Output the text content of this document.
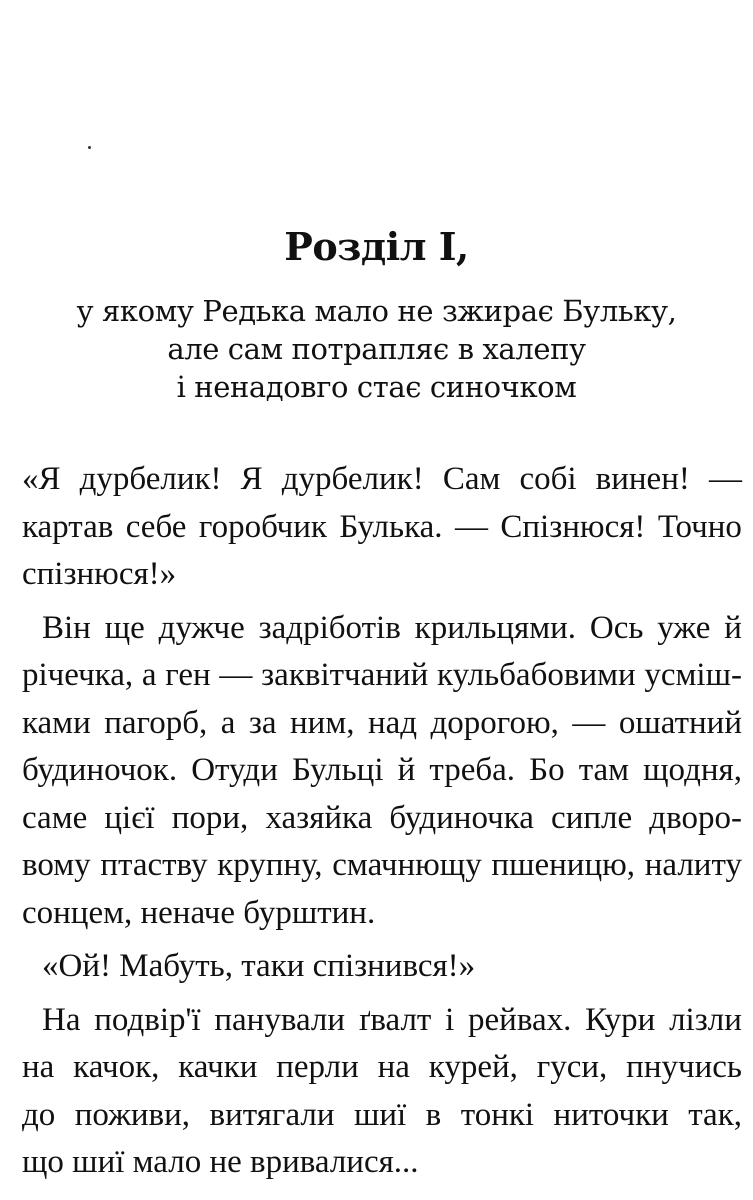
Розділ І,
у якому Редька мало не зжирає Бульку,
але сам потрапляє в халепу
і ненадовго стає синочком
«Я дурбелик! Я дурбелик! Сам собі винен! —
картав себе горобчик Булька. — Спізнюся! Точно
спізнюся!»
Він ще дужче задріботів крильцями. Ось уже й
річечка, а ген — заквітчаний кульбабовими усміш-
ками пагорб, а за ним, над дорогою, — ошатний
будиночок. Отуди Бульці й треба. Бо там щодня,
саме цієї пори, хазяйка будиночка сипле дворо-
вому птаству крупну, смачнющу пшеницю, налиту
сонцем, неначе бурштин.
«Ой! Мабуть, таки спізнився!»
На подвір'ї панували ґвалт і рейвах. Кури лізли
на качок, качки перли на курей, гуси, пнучись
до поживи, витягали шиї в тонкі ниточки так,
що шиї мало не вривалися...
